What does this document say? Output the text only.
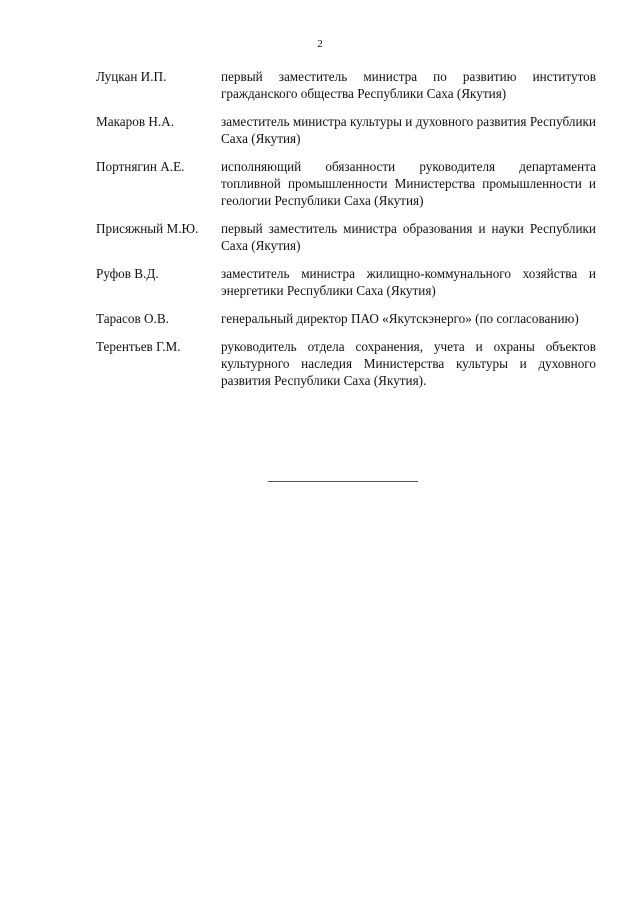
2
Луцкан И.П.	первый заместитель министра по развитию институтов гражданского общества Республики Саха (Якутия)
Макаров Н.А.	заместитель министра культуры и духовного развития Республики Саха (Якутия)
Портнягин А.Е.	исполняющий обязанности руководителя департамента топливной промышленности Министерства промышленности и геологии Республики Саха (Якутия)
Присяжный М.Ю.	первый заместитель министра образования и науки Республики Саха (Якутия)
Руфов В.Д.	заместитель министра жилищно-коммунального хозяйства и энергетики Республики Саха (Якутия)
Тарасов О.В.	генеральный директор ПАО «Якутскэнерго» (по согласованию)
Терентьев Г.М.	руководитель отдела сохранения, учета и охраны объектов культурного наследия Министерства культуры и духовного развития Республики Саха (Якутия).
